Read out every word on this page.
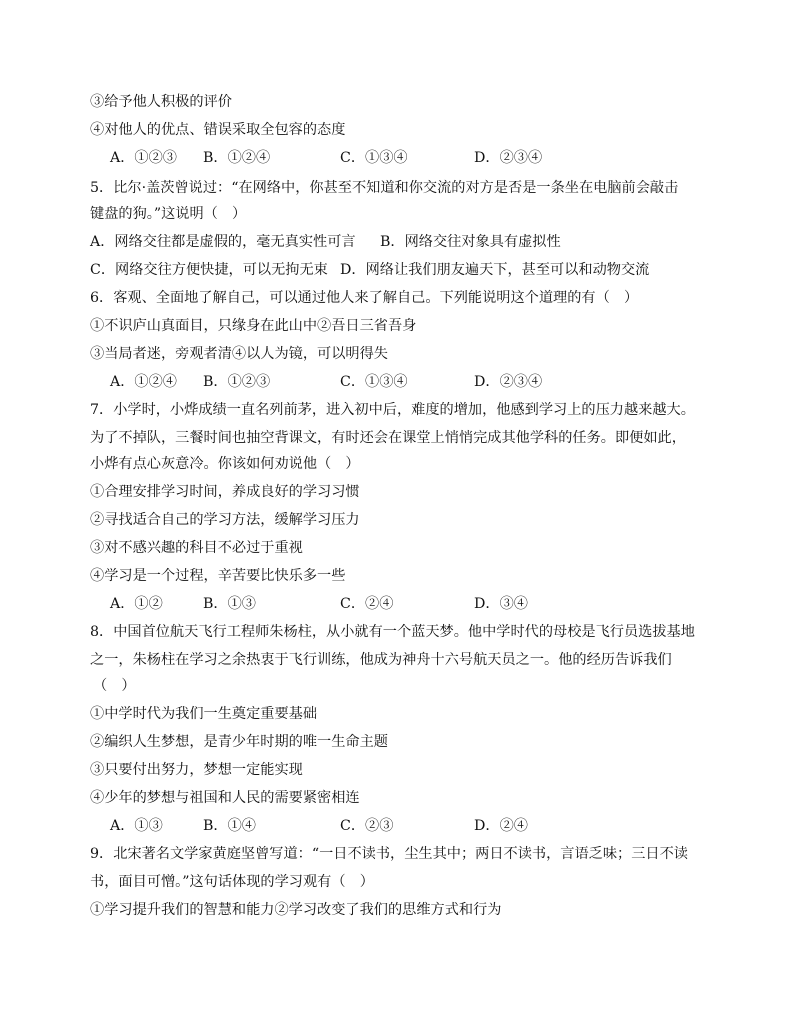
③给予他人积极的评价
④对他人的优点、错误采取全包容的态度
A．①②③ B．①②④	C．①③④	D．②③④
5．比尔·盖茨曾说过：“在网络中，你甚至不知道和你交流的对方是否是一条坐在电脑前会敲击
键盘的狗。”这说明（　）
A．网络交往都是虚假的，毫无真实性可言 B．网络交往对象具有虚拟性
C．网络交往方便快捷，可以无拘无束 D．网络让我们朋友遍天下，甚至可以和动物交流
6．客观、全面地了解自己，可以通过他人来了解自己。下列能说明这个道理的有（　）
①不识庐山真面目，只缘身在此山中②吾日三省吾身
③当局者迷，旁观者清④以人为镜，可以明得失
A．①②④ B．①②③	C．①③④	D．②③④
7．小学时，小烨成绩一直名列前茅，进入初中后，难度的增加，他感到学习上的压力越来越大。
为了不掉队，三餐时间也抽空背课文，有时还会在课堂上悄悄完成其他学科的任务。即便如此，
小烨有点心灰意冷。你该如何劝说他（　）
①合理安排学习时间，养成良好的学习习惯
②寻找适合自己的学习方法，缓解学习压力
③对不感兴趣的科目不必过于重视
④学习是一个过程，辛苦要比快乐多一些
A．①②	B．①③	C．②④	D．③④
8．中国首位航天飞行工程师朱杨柱，从小就有一个蓝天梦。他中学时代的母校是飞行员选拔基地
之一，朱杨柱在学习之余热衷于飞行训练，他成为神舟十六号航天员之一。他的经历告诉我们
（　）
①中学时代为我们一生奠定重要基础
②编织人生梦想，是青少年时期的唯一生命主题
③只要付出努力，梦想一定能实现
④少年的梦想与祖国和人民的需要紧密相连
A．①③	B．①④	C．②③	D．②④
9．北宋著名文学家黄庭坚曾写道：“一日不读书，尘生其中；两日不读书，言语乏味；三日不读
书，面目可憎。”这句话体现的学习观有（　）
①学习提升我们的智慧和能力②学习改变了我们的思维方式和行为
